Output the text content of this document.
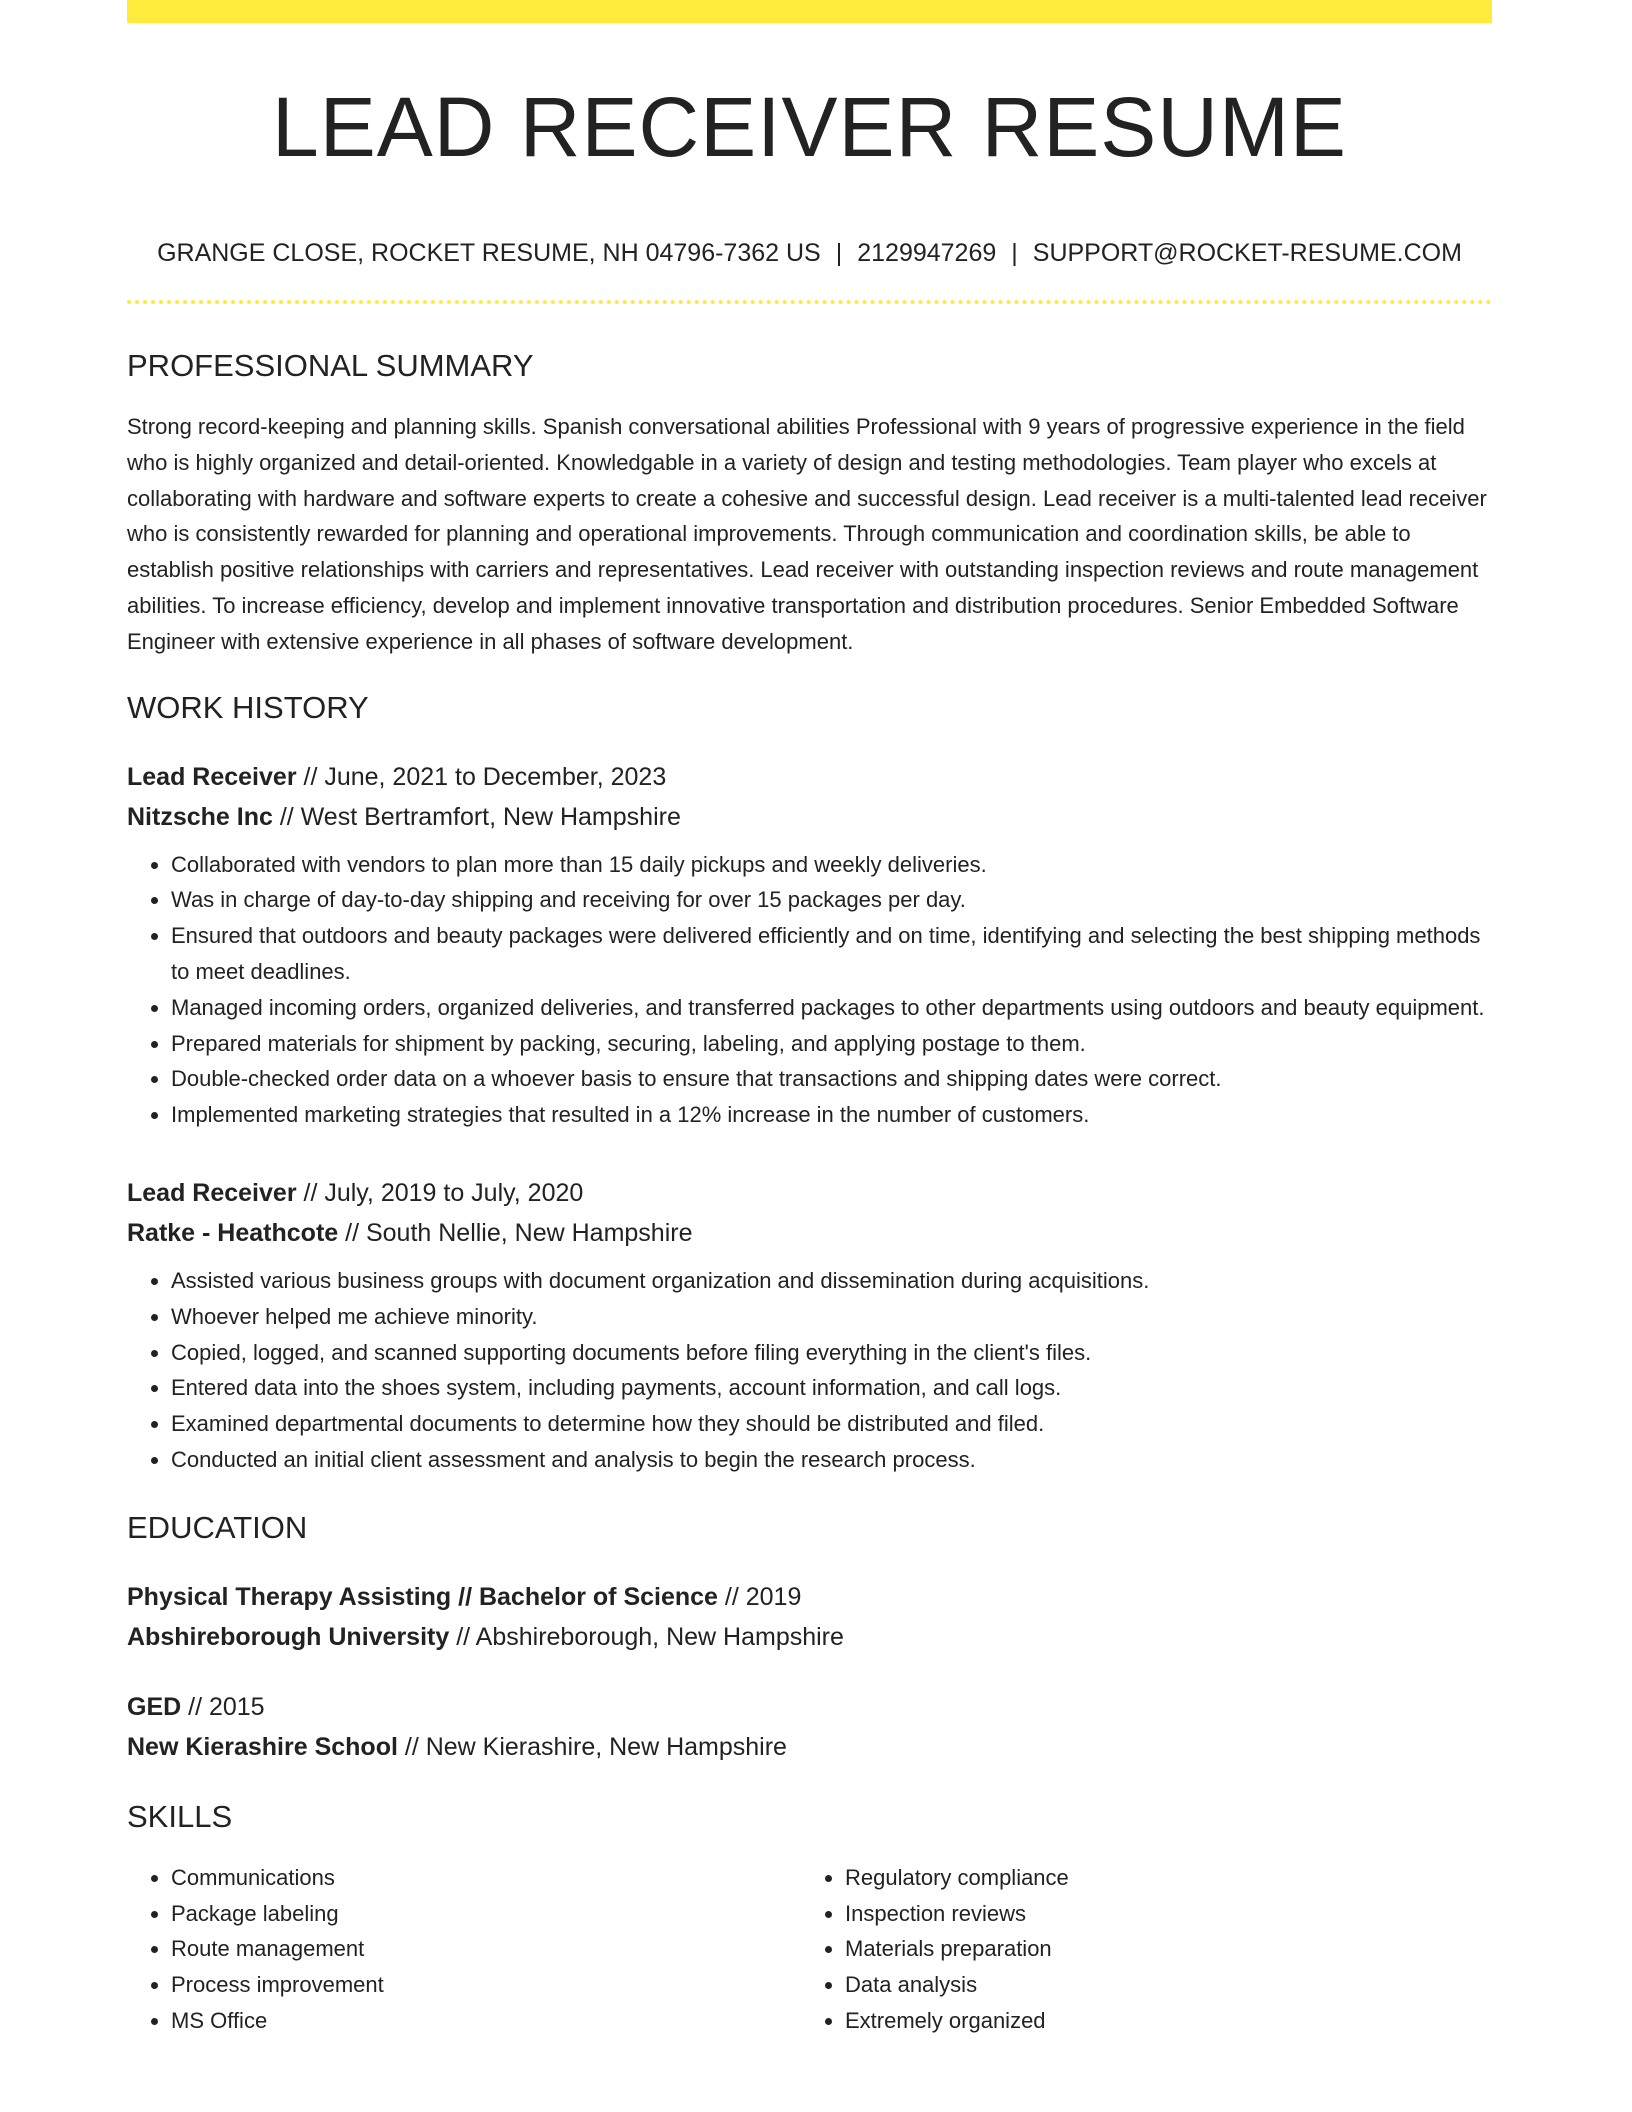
LEAD RECEIVER RESUME
GRANGE CLOSE, ROCKET RESUME, NH 04796-7362 US | 2129947269 | SUPPORT@ROCKET-RESUME.COM
PROFESSIONAL SUMMARY
Strong record-keeping and planning skills. Spanish conversational abilities Professional with 9 years of progressive experience in the field who is highly organized and detail-oriented. Knowledgable in a variety of design and testing methodologies. Team player who excels at collaborating with hardware and software experts to create a cohesive and successful design. Lead receiver is a multi-talented lead receiver who is consistently rewarded for planning and operational improvements. Through communication and coordination skills, be able to establish positive relationships with carriers and representatives. Lead receiver with outstanding inspection reviews and route management abilities. To increase efficiency, develop and implement innovative transportation and distribution procedures. Senior Embedded Software Engineer with extensive experience in all phases of software development.
WORK HISTORY
Lead Receiver // June, 2021 to December, 2023
Nitzsche Inc // West Bertramfort, New Hampshire
• Collaborated with vendors to plan more than 15 daily pickups and weekly deliveries.
• Was in charge of day-to-day shipping and receiving for over 15 packages per day.
• Ensured that outdoors and beauty packages were delivered efficiently and on time, identifying and selecting the best shipping methods to meet deadlines.
• Managed incoming orders, organized deliveries, and transferred packages to other departments using outdoors and beauty equipment.
• Prepared materials for shipment by packing, securing, labeling, and applying postage to them.
• Double-checked order data on a whoever basis to ensure that transactions and shipping dates were correct.
• Implemented marketing strategies that resulted in a 12% increase in the number of customers.
Lead Receiver // July, 2019 to July, 2020
Ratke - Heathcote // South Nellie, New Hampshire
• Assisted various business groups with document organization and dissemination during acquisitions.
• Whoever helped me achieve minority.
• Copied, logged, and scanned supporting documents before filing everything in the client's files.
• Entered data into the shoes system, including payments, account information, and call logs.
• Examined departmental documents to determine how they should be distributed and filed.
• Conducted an initial client assessment and analysis to begin the research process.
EDUCATION
Physical Therapy Assisting // Bachelor of Science // 2019
Abshireborough University // Abshireborough, New Hampshire
GED // 2015
New Kierashire School // New Kierashire, New Hampshire
SKILLS
• Communications
• Package labeling
• Route management
• Process improvement
• MS Office
• Regulatory compliance
• Inspection reviews
• Materials preparation
• Data analysis
• Extremely organized
